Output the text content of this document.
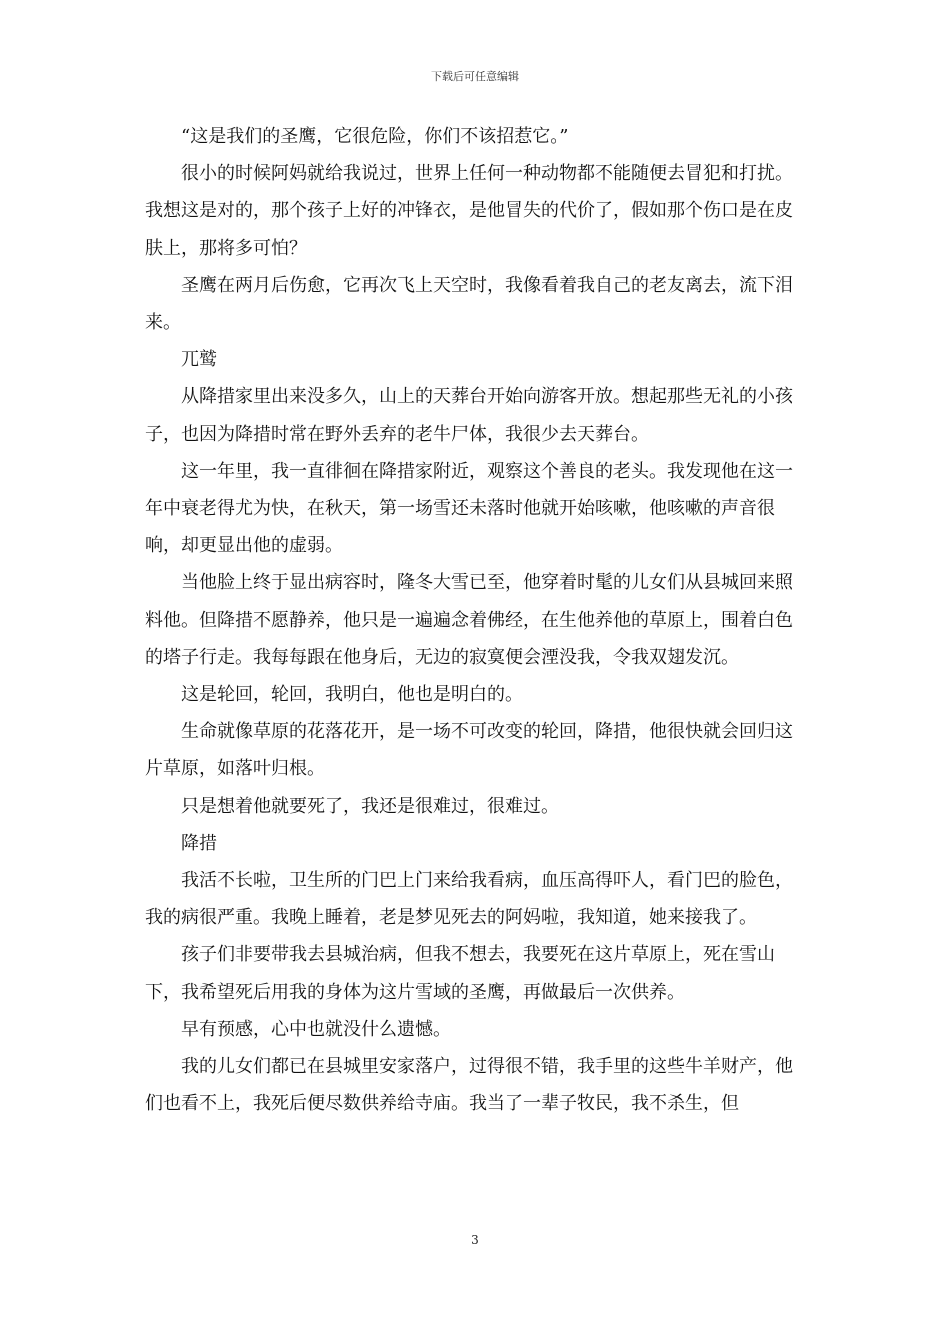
下载后可任意编辑

“这是我们的圣鹰，它很危险，你们不该招惹它。”

很小的时候阿妈就给我说过，世界上任何一种动物都不能随便去冒犯和打扰。我想这是对的，那个孩子上好的冲锋衣，是他冒失的代价了，假如那个伤口是在皮肤上，那将多可怕？

圣鹰在两月后伤愈，它再次飞上天空时，我像看着我自己的老友离去，流下泪来。

兀鹫

从降措家里出来没多久，山上的天葬台开始向游客开放。想起那些无礼的小孩子，也因为降措时常在野外丢弃的老牛尸体，我很少去天葬台。

这一年里，我一直徘徊在降措家附近，观察这个善良的老头。我发现他在这一年中衰老得尤为快，在秋天，第一场雪还未落时他就开始咳嗽，他咳嗽的声音很响，却更显出他的虚弱。

当他脸上终于显出病容时，隆冬大雪已至，他穿着时髦的儿女们从县城回来照料他。但降措不愿静养，他只是一遍遍念着佛经，在生他养他的草原上，围着白色的塔子行走。我每每跟在他身后，无边的寂寞便会湮没我，令我双翅发沉。

这是轮回，轮回，我明白，他也是明白的。

生命就像草原的花落花开，是一场不可改变的轮回，降措，他很快就会回归这片草原，如落叶归根。

只是想着他就要死了，我还是很难过，很难过。

降措

我活不长啦，卫生所的门巴上门来给我看病，血压高得吓人，看门巴的脸色，我的病很严重。我晚上睡着，老是梦见死去的阿妈啦，我知道，她来接我了。

孩子们非要带我去县城治病，但我不想去，我要死在这片草原上，死在雪山下，我希望死后用我的身体为这片雪域的圣鹰，再做最后一次供养。

早有预感，心中也就没什么遗憾。

我的儿女们都已在县城里安家落户，过得很不错，我手里的这些牛羊财产，他们也看不上，我死后便尽数供养给寺庙。我当了一辈子牧民，我不杀生，但

3
